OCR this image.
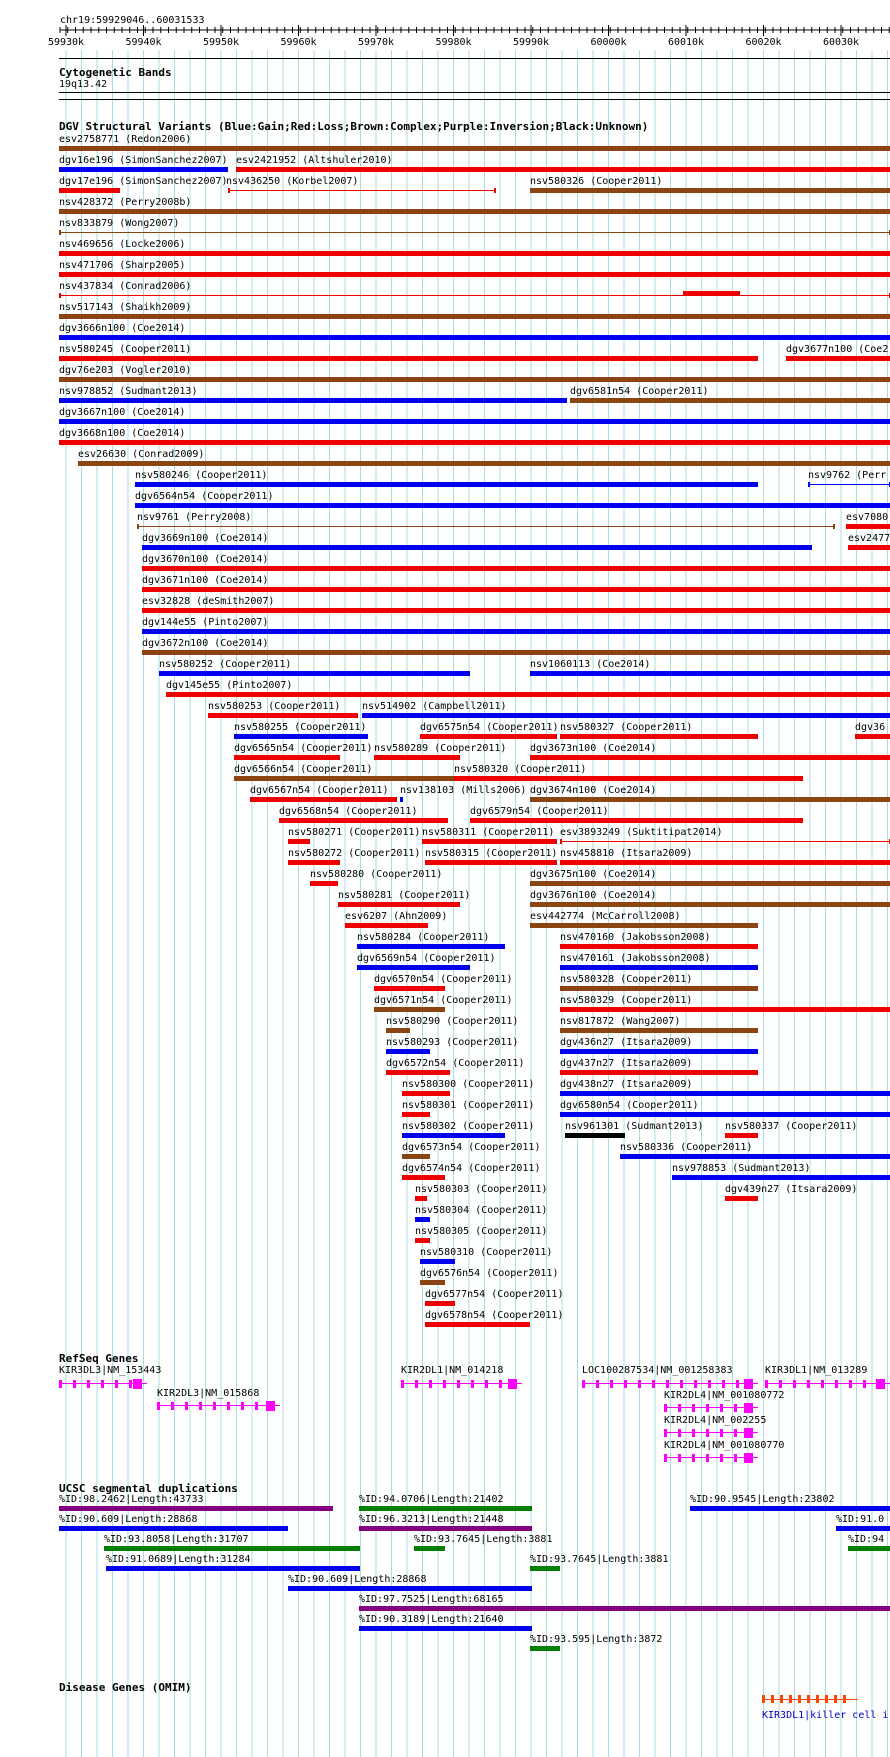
chr19:59929046..60031533
59930k	59940k	59950k	59960k	59970k	59980k	59990k	60000k	60010k	60020k	60030k
Cytogenetic Bands
19q13.42
DGV Structural Variants (Blue:Gain;Red:Loss;Brown:Complex;Purple:Inversion;Black:Unknown)
RefSeq Genes
UCSC segmental duplications
Disease Genes (OMIM)
esv2758771 (Redon2006)
dgv16e196 (SimonSanchez2007) esv2421952 (Altshuler2010)
dgv17e196 (SimonSanchez2007)
nsv436250 (Korbel2007)	nsv580326 (Cooper2011)
nsv428372 (Perry2008b)
nsv833879 (Wong2007)
nsv469656 (Locke2006)
nsv471706 (Sharp2005)
nsv437834 (Conrad2006)
nsv517143 (Shaikh2009)
dgv3666n100 (Coe2014)
nsv580245 (Cooper2011)	dgv3677n100 (Coe2
dgv76e203 (Vogler2010)
nsv978852 (Sudmant2013)	dgv6581n54 (Cooper2011)
dgv3667n100 (Coe2014)
dgv3668n100 (Coe2014)
esv26630 (Conrad2009)
nsv580246 (Cooper2011)	nsv9762 (Perr
dgv6564n54 (Cooper2011)
nsv9761 (Perry2008)	esv7080
dgv3669n100 (Coe2014)	esv2477
dgv3670n100 (Coe2014)
dgv3671n100 (Coe2014)
esv32828 (deSmith2007)
dgv144e55 (Pinto2007)
dgv3672n100 (Coe2014)
nsv580252 (Cooper2011)	nsv1060113 (Coe2014)
dgv145e55 (Pinto2007)
nsv580253 (Cooper2011) nsv514902 (Campbell2011)
nsv580255 (Cooper2011)	dgv6575n54 (Cooper2011) nsv580327 (Cooper2011)	dgv36
dgv6565n54 (Cooper2011) nsv580289 (Cooper2011) dgv3673n100 (Coe2014)
dgv6566n54 (Cooper2011)	nsv580320 (Cooper2011)
dgv6567n54 (Cooper2011) nsv138103 (Mills2006) dgv3674n100 (Coe2014)
dgv6568n54 (Cooper2011)	dgv6579n54 (Cooper2011)
nsv580271 (Cooper2011) nsv580311 (Cooper2011) esv3893249 (Suktitipat2014)
nsv580272 (Cooper2011) nsv580315 (Cooper2011) nsv458810 (Itsara2009)
nsv580280 (Cooper2011)	dgv3675n100 (Coe2014)
nsv580281 (Cooper2011)	dgv3676n100 (Coe2014)
esv6207 (Ahn2009)	esv442774 (McCarroll2008)
nsv580284 (Cooper2011)	nsv470160 (Jakobsson2008)
dgv6569n54 (Cooper2011)	nsv470161 (Jakobsson2008)
dgv6570n54 (Cooper2011)	nsv580328 (Cooper2011)
dgv6571n54 (Cooper2011)	nsv580329 (Cooper2011)
nsv580290 (Cooper2011)	nsv817872 (Wang2007)
nsv580293 (Cooper2011)	dgv436n27 (Itsara2009)
dgv6572n54 (Cooper2011)	dgv437n27 (Itsara2009)
nsv580300 (Cooper2011)	dgv438n27 (Itsara2009)
nsv580301 (Cooper2011)	dgv6580n54 (Cooper2011)
nsv580302 (Cooper2011)	nsv961301 (Sudmant2013) nsv580337 (Cooper2011)
dgv6573n54 (Cooper2011)	nsv580336 (Cooper2011)
dgv6574n54 (Cooper2011)	nsv978853 (Sudmant2013)
nsv580303 (Cooper2011)	dgv439n27 (Itsara2009)
nsv580304 (Cooper2011)
nsv580305 (Cooper2011)
nsv580310 (Cooper2011)
dgv6576n54 (Cooper2011)
dgv6577n54 (Cooper2011)
dgv6578n54 (Cooper2011)
KIR3DL3|NM_153443
KIR2DL3|NM_015868
KIR2DL1|NM_014218	LOC100287534|NM_001258383	KIR3DL1|NM_013289
KIR2DL4|NM_001080772
KIR2DL4|NM_002255
KIR2DL4|NM_001080770
%ID:98.2462|Length:43733	%ID:94.0706|Length:21402	%ID:90.9545|Length:23802
%ID:90.609|Length:28868	%ID:96.3213|Length:21448	%ID:91.0
%ID:93.8058|Length:31707	%ID:93.7645|Length:3881	%ID:94
%ID:91.0689|Length:31284	%ID:93.7645|Length:3881
%ID:90.609|Length:28868
%ID:97.7525|Length:68165
%ID:90.3189|Length:21640
%ID:93.595|Length:3872
KIR3DL1|killer cell i
